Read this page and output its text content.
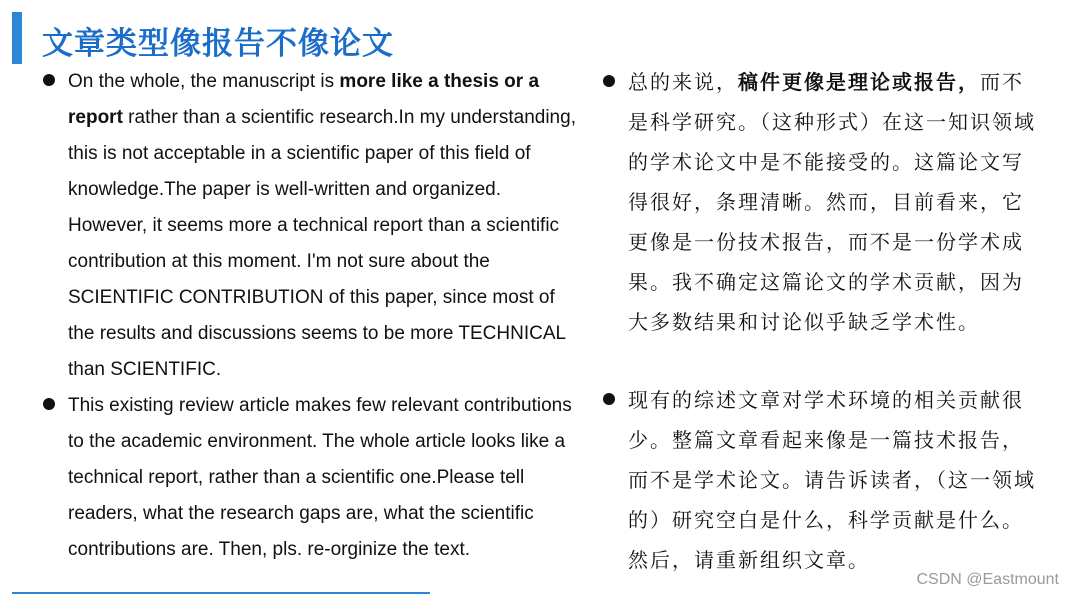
文章类型像报告不像论文
On the whole, the manuscript is more like a thesis or a report rather than a scientific research.In my understanding, this is not acceptable in a scientific paper of this field of knowledge.The paper is well-written and organized. However, it seems more a technical report than a scientific contribution at this moment. I'm not sure about the SCIENTIFIC CONTRIBUTION of this paper, since most of the results and discussions seems to be more TECHNICAL than SCIENTIFIC.
This existing review article makes few relevant contributions to the academic environment. The whole article looks like a technical report, rather than a scientific one.Please tell readers, what the research gaps are, what the scientific contributions are. Then, pls. re-orginize the text.
总的来说，稿件更像是理论或报告，而不是科学研究。（这种形式）在这一知识领域的学术论文中是不能接受的。这篇论文写得很好，条理清晰。然而，目前看来，它更像是一份技术报告，而不是一份学术成果。我不确定这篇论文的学术贡献，因为大多数结果和讨论似乎缺乏学术性。
现有的综述文章对学术环境的相关贡献很少。整篇文章看起来像是一篇技术报告，而不是学术论文。请告诉读者，（这一领域的）研究空白是什么，科学贡献是什么。然后，请重新组织文章。
CSDN @Eastmount
